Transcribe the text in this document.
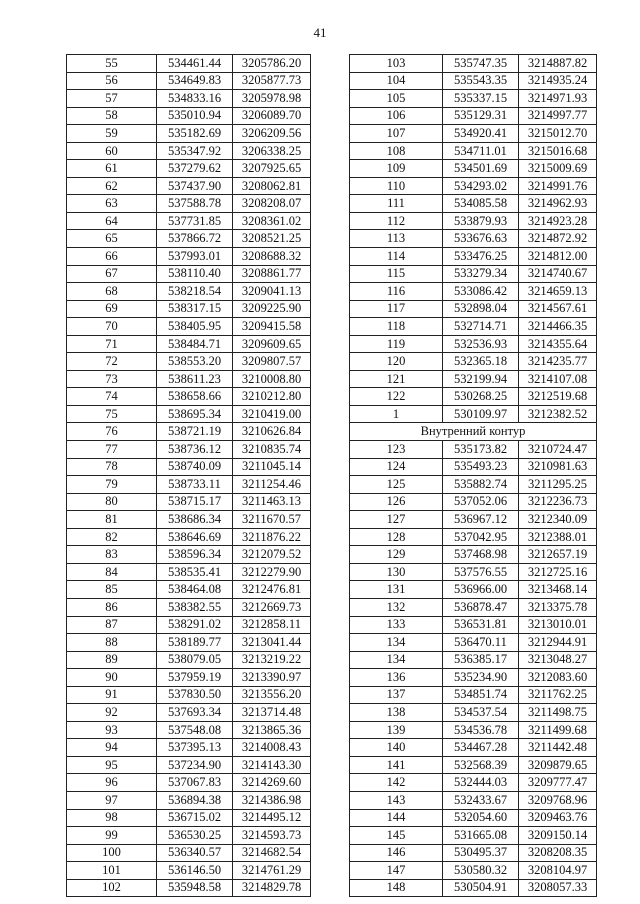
41
55	534461.44	3205786.20
56	534649.83	3205877.73
57	534833.16	3205978.98
58	535010.94	3206089.70
59	535182.69	3206209.56
60	535347.92	3206338.25
61	537279.62	3207925.65
62	537437.90	3208062.81
63	537588.78	3208208.07
64	537731.85	3208361.02
65	537866.72	3208521.25
66	537993.01	3208688.32
67	538110.40	3208861.77
68	538218.54	3209041.13
69	538317.15	3209225.90
70	538405.95	3209415.58
71	538484.71	3209609.65
72	538553.20	3209807.57
73	538611.23	3210008.80
74	538658.66	3210212.80
75	538695.34	3210419.00
76	538721.19	3210626.84
77	538736.12	3210835.74
78	538740.09	3211045.14
79	538733.11	3211254.46
80	538715.17	3211463.13
81	538686.34	3211670.57
82	538646.69	3211876.22
83	538596.34	3212079.52
84	538535.41	3212279.90
85	538464.08	3212476.81
86	538382.55	3212669.73
87	538291.02	3212858.11
88	538189.77	3213041.44
89	538079.05	3213219.22
90	537959.19	3213390.97
91	537830.50	3213556.20
92	537693.34	3213714.48
93	537548.08	3213865.36
94	537395.13	3214008.43
95	537234.90	3214143.30
96	537067.83	3214269.60
97	536894.38	3214386.98
98	536715.02	3214495.12
99	536530.25	3214593.73
100	536340.57	3214682.54
101	536146.50	3214761.29
102	535948.58	3214829.78
103	535747.35	3214887.82
104	535543.35	3214935.24
105	535337.15	3214971.93
106	535129.31	3214997.77
107	534920.41	3215012.70
108	534711.01	3215016.68
109	534501.69	3215009.69
110	534293.02	3214991.76
111	534085.58	3214962.93
112	533879.93	3214923.28
113	533676.63	3214872.92
114	533476.25	3214812.00
115	533279.34	3214740.67
116	533086.42	3214659.13
117	532898.04	3214567.61
118	532714.71	3214466.35
119	532536.93	3214355.64
120	532365.18	3214235.77
121	532199.94	3214107.08
122	530268.25	3212519.68
1	530109.97	3212382.52
Внутренний контур		
123	535173.82	3210724.47
124	535493.23	3210981.63
125	535882.74	3211295.25
126	537052.06	3212236.73
127	536967.12	3212340.09
128	537042.95	3212388.01
129	537468.98	3212657.19
130	537576.55	3212725.16
131	536966.00	3213468.14
132	536878.47	3213375.78
133	536531.81	3213010.01
134	536470.11	3212944.91
134	536385.17	3213048.27
136	535234.90	3212083.60
137	534851.74	3211762.25
138	534537.54	3211498.75
139	534536.78	3211499.68
140	534467.28	3211442.48
141	532568.39	3209879.65
142	532444.03	3209777.47
143	532433.67	3209768.96
144	532054.60	3209463.76
145	531665.08	3209150.14
146	530495.37	3208208.35
147	530580.32	3208104.97
148	530504.91	3208057.33
